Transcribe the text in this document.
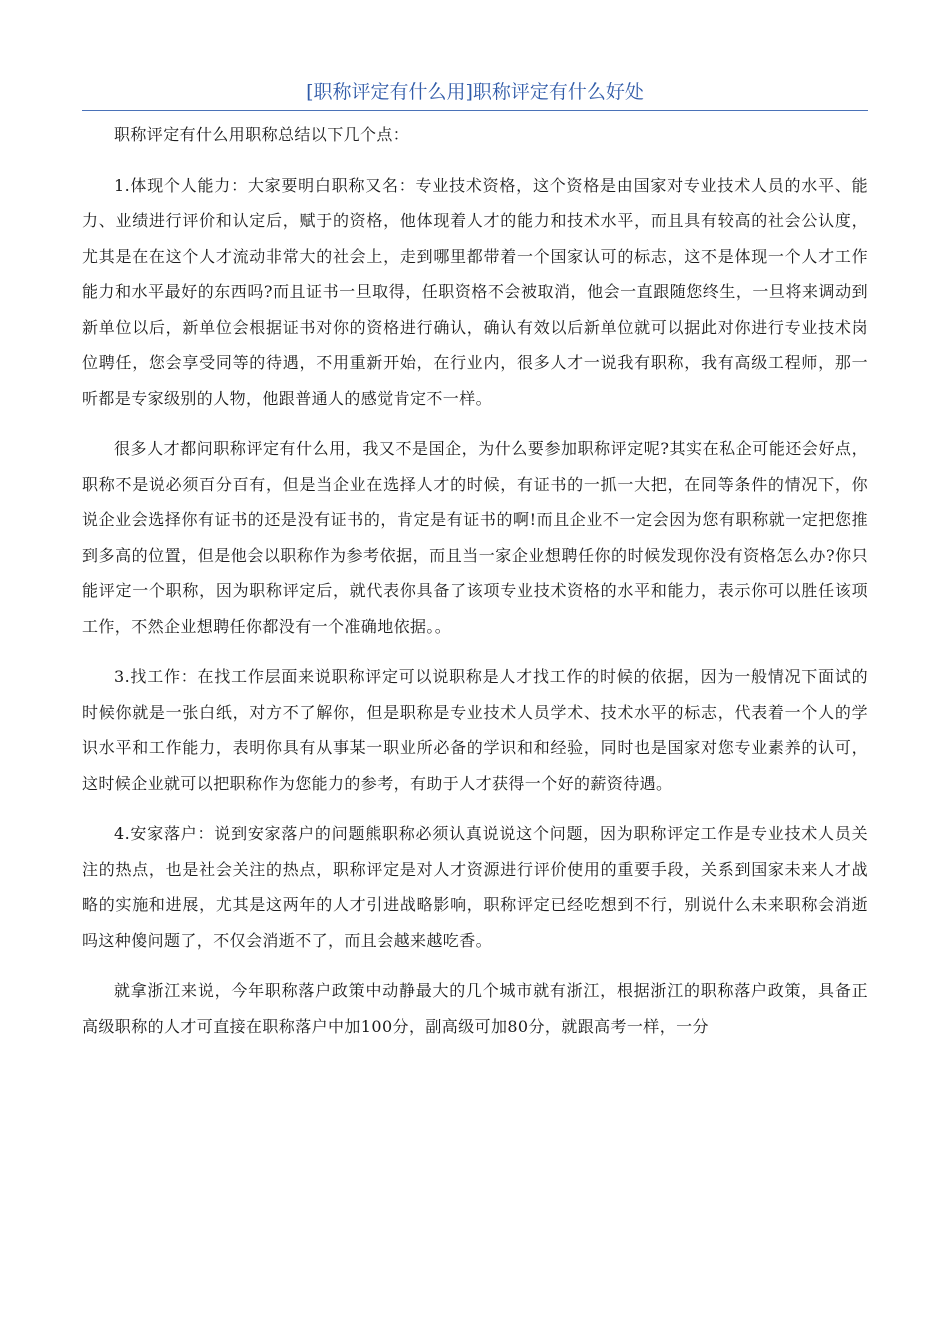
[职称评定有什么用]职称评定有什么好处

职称评定有什么用职称总结以下几个点：

1.体现个人能力：大家要明白职称又名：专业技术资格，这个资格是由国家对专业技术人员的水平、能力、业绩进行评价和认定后，赋于的资格，他体现着人才的能力和技术水平，而且具有较高的社会公认度，尤其是在在这个人才流动非常大的社会上，走到哪里都带着一个国家认可的标志，这不是体现一个人才工作能力和水平最好的东西吗?而且证书一旦取得，任职资格不会被取消，他会一直跟随您终生，一旦将来调动到新单位以后，新单位会根据证书对你的资格进行确认，确认有效以后新单位就可以据此对你进行专业技术岗位聘任，您会享受同等的待遇，不用重新开始，在行业内，很多人才一说我有职称，我有高级工程师，那一听都是专家级别的人物，他跟普通人的感觉肯定不一样。

很多人才都问职称评定有什么用，我又不是国企，为什么要参加职称评定呢?其实在私企可能还会好点，职称不是说必须百分百有，但是当企业在选择人才的时候，有证书的一抓一大把，在同等条件的情况下，你说企业会选择你有证书的还是没有证书的，肯定是有证书的啊!而且企业不一定会因为您有职称就一定把您推到多高的位置，但是他会以职称作为参考依据，而且当一家企业想聘任你的时候发现你没有资格怎么办?你只能评定一个职称，因为职称评定后，就代表你具备了该项专业技术资格的水平和能力，表示你可以胜任该项工作，不然企业想聘任你都没有一个准确地依据。。

3.找工作：在找工作层面来说职称评定可以说职称是人才找工作的时候的依据，因为一般情况下面试的时候你就是一张白纸，对方不了解你，但是职称是专业技术人员学术、技术水平的标志，代表着一个人的学识水平和工作能力，表明你具有从事某一职业所必备的学识和和经验，同时也是国家对您专业素养的认可，这时候企业就可以把职称作为您能力的参考，有助于人才获得一个好的薪资待遇。

4.安家落户：说到安家落户的问题熊职称必须认真说说这个问题，因为职称评定工作是专业技术人员关注的热点，也是社会关注的热点，职称评定是对人才资源进行评价使用的重要手段，关系到国家未来人才战略的实施和进展，尤其是这两年的人才引进战略影响，职称评定已经吃想到不行，别说什么未来职称会消逝吗这种傻问题了，不仅会消逝不了，而且会越来越吃香。

就拿浙江来说，今年职称落户政策中动静最大的几个城市就有浙江，根据浙江的职称落户政策，具备正高级职称的人才可直接在职称落户中加100分，副高级可加80分，就跟高考一样，一分
